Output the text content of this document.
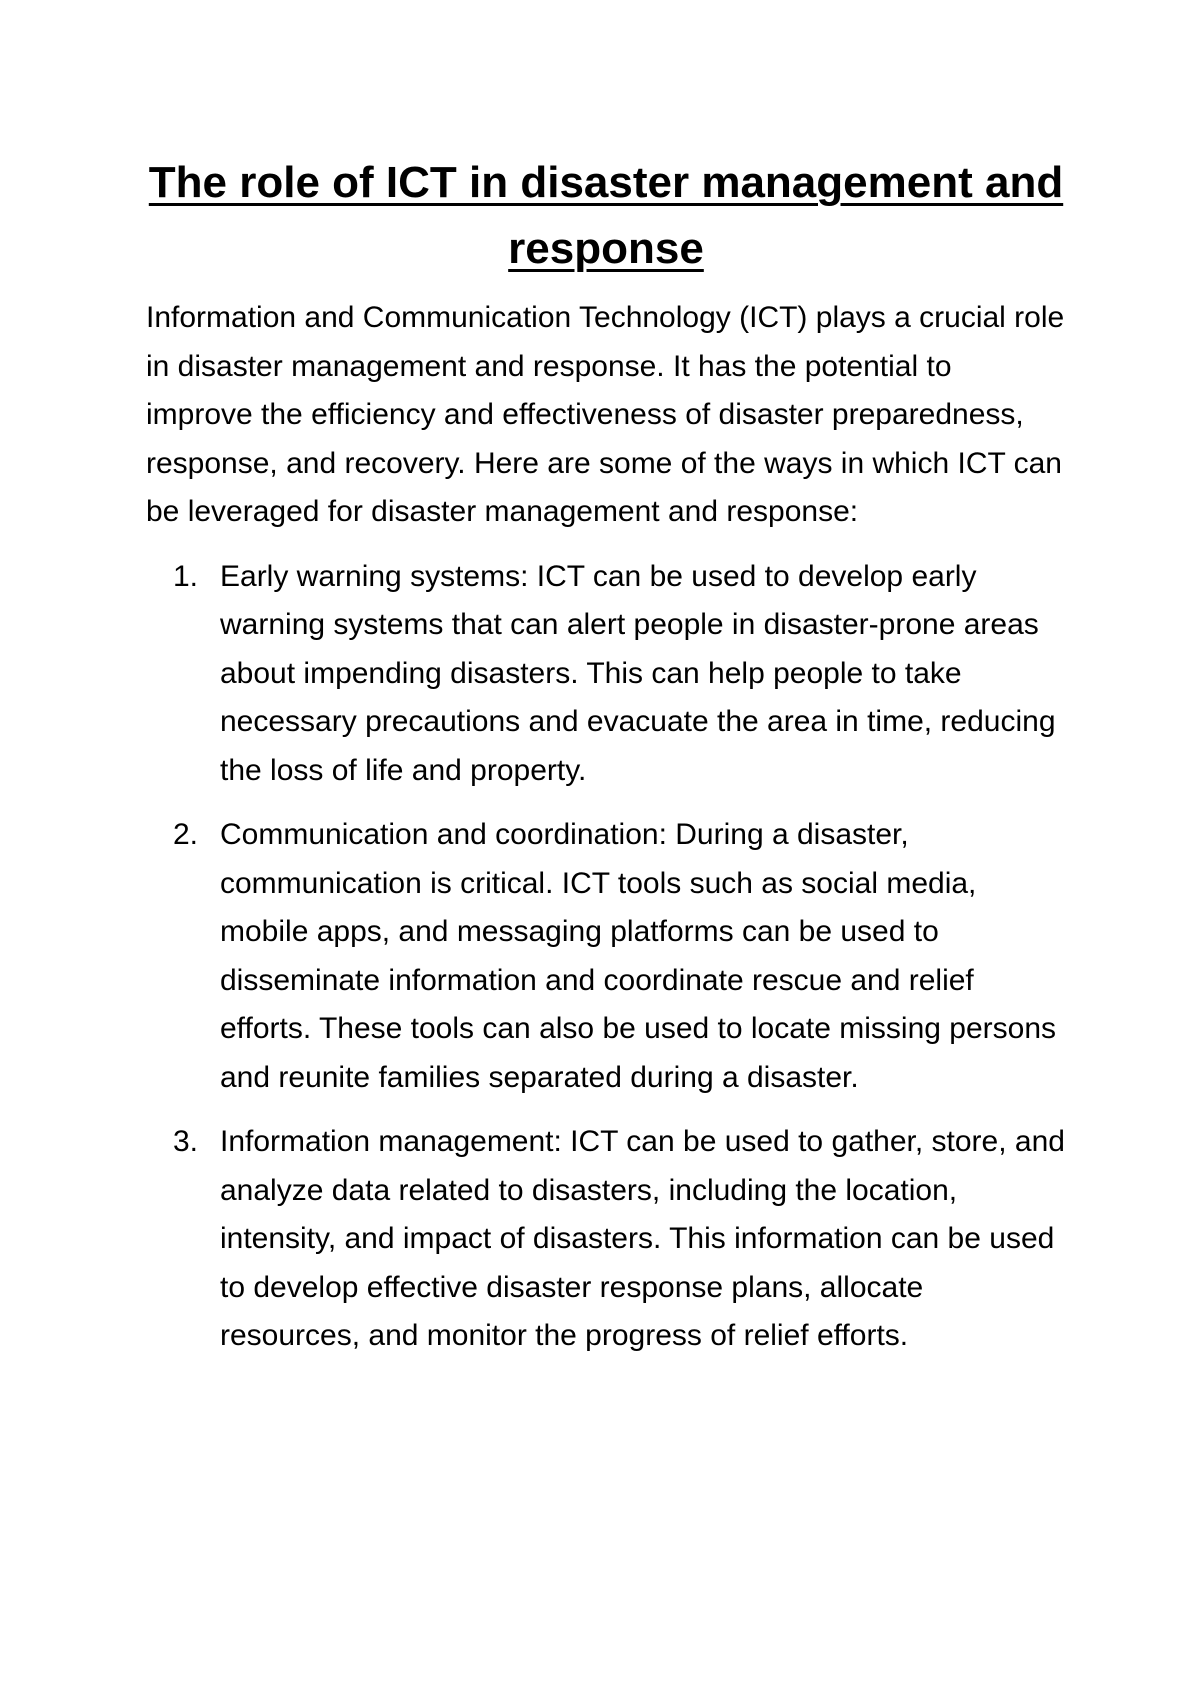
The role of ICT in disaster management and response

Information and Communication Technology (ICT) plays a crucial role in disaster management and response. It has the potential to improve the efficiency and effectiveness of disaster preparedness, response, and recovery. Here are some of the ways in which ICT can be leveraged for disaster management and response:

1. Early warning systems: ICT can be used to develop early warning systems that can alert people in disaster-prone areas about impending disasters. This can help people to take necessary precautions and evacuate the area in time, reducing the loss of life and property.
2. Communication and coordination: During a disaster, communication is critical. ICT tools such as social media, mobile apps, and messaging platforms can be used to disseminate information and coordinate rescue and relief efforts. These tools can also be used to locate missing persons and reunite families separated during a disaster.
3. Information management: ICT can be used to gather, store, and analyze data related to disasters, including the location, intensity, and impact of disasters. This information can be used to develop effective disaster response plans, allocate resources, and monitor the progress of relief efforts.
